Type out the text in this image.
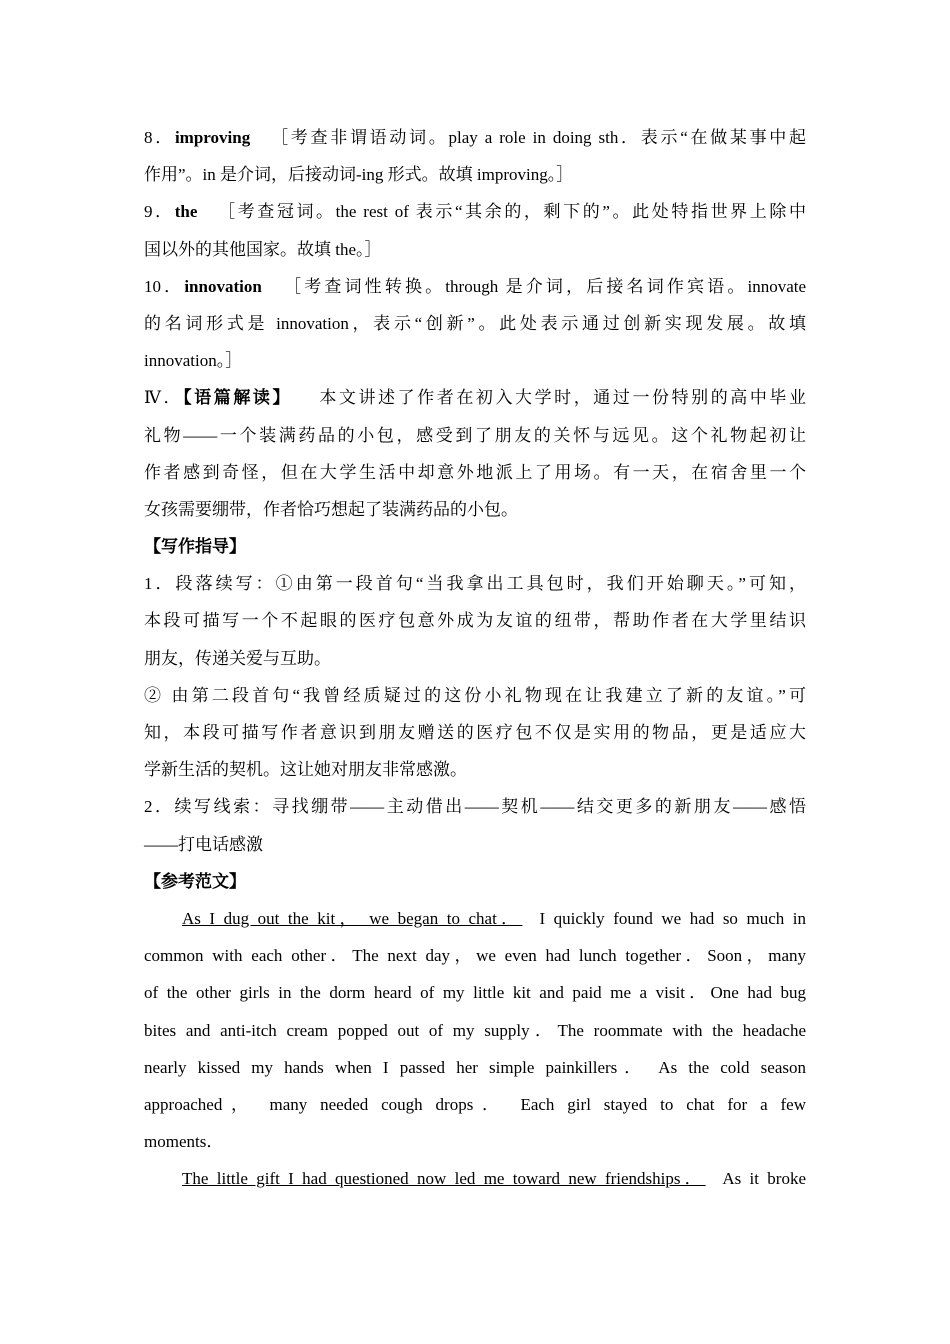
8．improving ［考查非谓语动词。play a role in doing sth．表示“在做某事中起
作用”。in 是介词，后接动词-ing 形式。故填 improving。］
9．the ［考查冠词。the rest of 表示“其余的，剩下的”。此处特指世界上除中
国以外的其他国家。故填 the。］
10．innovation ［考查词性转换。through 是介词，后接名词作宾语。innovate
的名词形式是 innovation，表示“创新”。此处表示通过创新实现发展。故填
innovation。］
Ⅳ．【语篇解读】 本文讲述了作者在初入大学时，通过一份特别的高中毕业
礼物——一个装满药品的小包，感受到了朋友的关怀与远见。这个礼物起初让
作者感到奇怪，但在大学生活中却意外地派上了用场。有一天，在宿舍里一个
女孩需要绷带，作者恰巧想起了装满药品的小包。
【写作指导】
1．段落续写：①由第一段首句“当我拿出工具包时，我们开始聊天。”可知，
本段可描写一个不起眼的医疗包意外成为友谊的纽带，帮助作者在大学里结识
朋友，传递关爱与互助。
② 由第二段首句“我曾经质疑过的这份小礼物现在让我建立了新的友谊。”可
知，本段可描写作者意识到朋友赠送的医疗包不仅是实用的物品，更是适应大
学新生活的契机。这让她对朋友非常感激。
2．续写线索：寻找绷带——主动借出——契机——结交更多的新朋友——感悟
——打电话感激
【参考范文】
As I dug out the kit， we began to chat． I quickly found we had so much in
common with each other．The next day，we even had lunch together．Soon，many
of the other girls in the dorm heard of my little kit and paid me a visit．One had bug
bites and anti-itch cream popped out of my supply．The roommate with the headache
nearly kissed my hands when I passed her simple painkillers． As the cold season
approached， many needed cough drops． Each girl stayed to chat for a few
moments．
The little gift I had questioned now led me toward new friendships． As it broke
